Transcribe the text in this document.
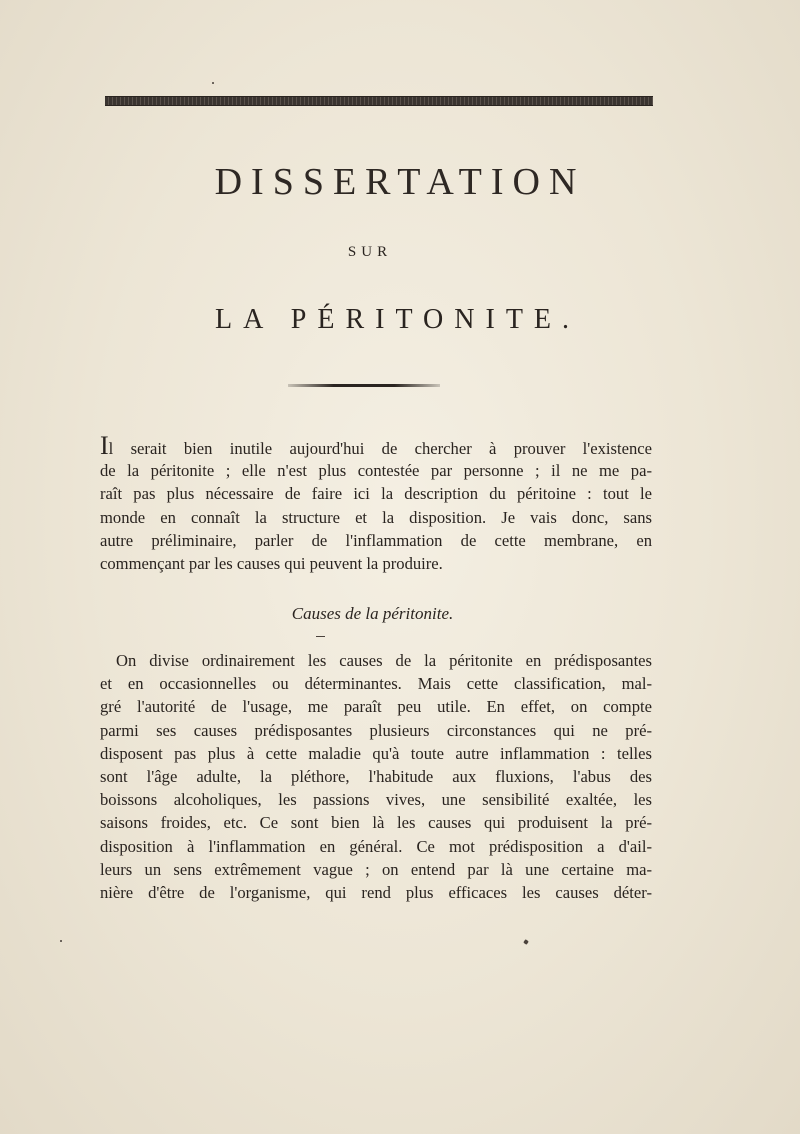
DISSERTATION
SUR
LA PÉRITONITE.
Il serait bien inutile aujourd'hui de chercher à prouver l'existence
de la péritonite ; elle n'est plus contestée par personne ; il ne me pa-
raît pas plus nécessaire de faire ici la description du péritoine : tout le
monde en connaît la structure et la disposition. Je vais donc, sans
autre préliminaire, parler de l'inflammation de cette membrane, en
commençant par les causes qui peuvent la produire.
Causes de la péritonite.
On divise ordinairement les causes de la péritonite en prédisposantes
et en occasionnelles ou déterminantes. Mais cette classification, mal-
gré l'autorité de l'usage, me paraît peu utile. En effet, on compte
parmi ses causes prédisposantes plusieurs circonstances qui ne pré-
disposent pas plus à cette maladie qu'à toute autre inflammation : telles
sont l'âge adulte, la pléthore, l'habitude aux fluxions, l'abus des
boissons alcoholiques, les passions vives, une sensibilité exaltée, les
saisons froides, etc. Ce sont bien là les causes qui produisent la pré-
disposition à l'inflammation en général. Ce mot prédisposition a d'ail-
leurs un sens extrêmement vague ; on entend par là une certaine ma-
nière d'être de l'organisme, qui rend plus efficaces les causes déter-
